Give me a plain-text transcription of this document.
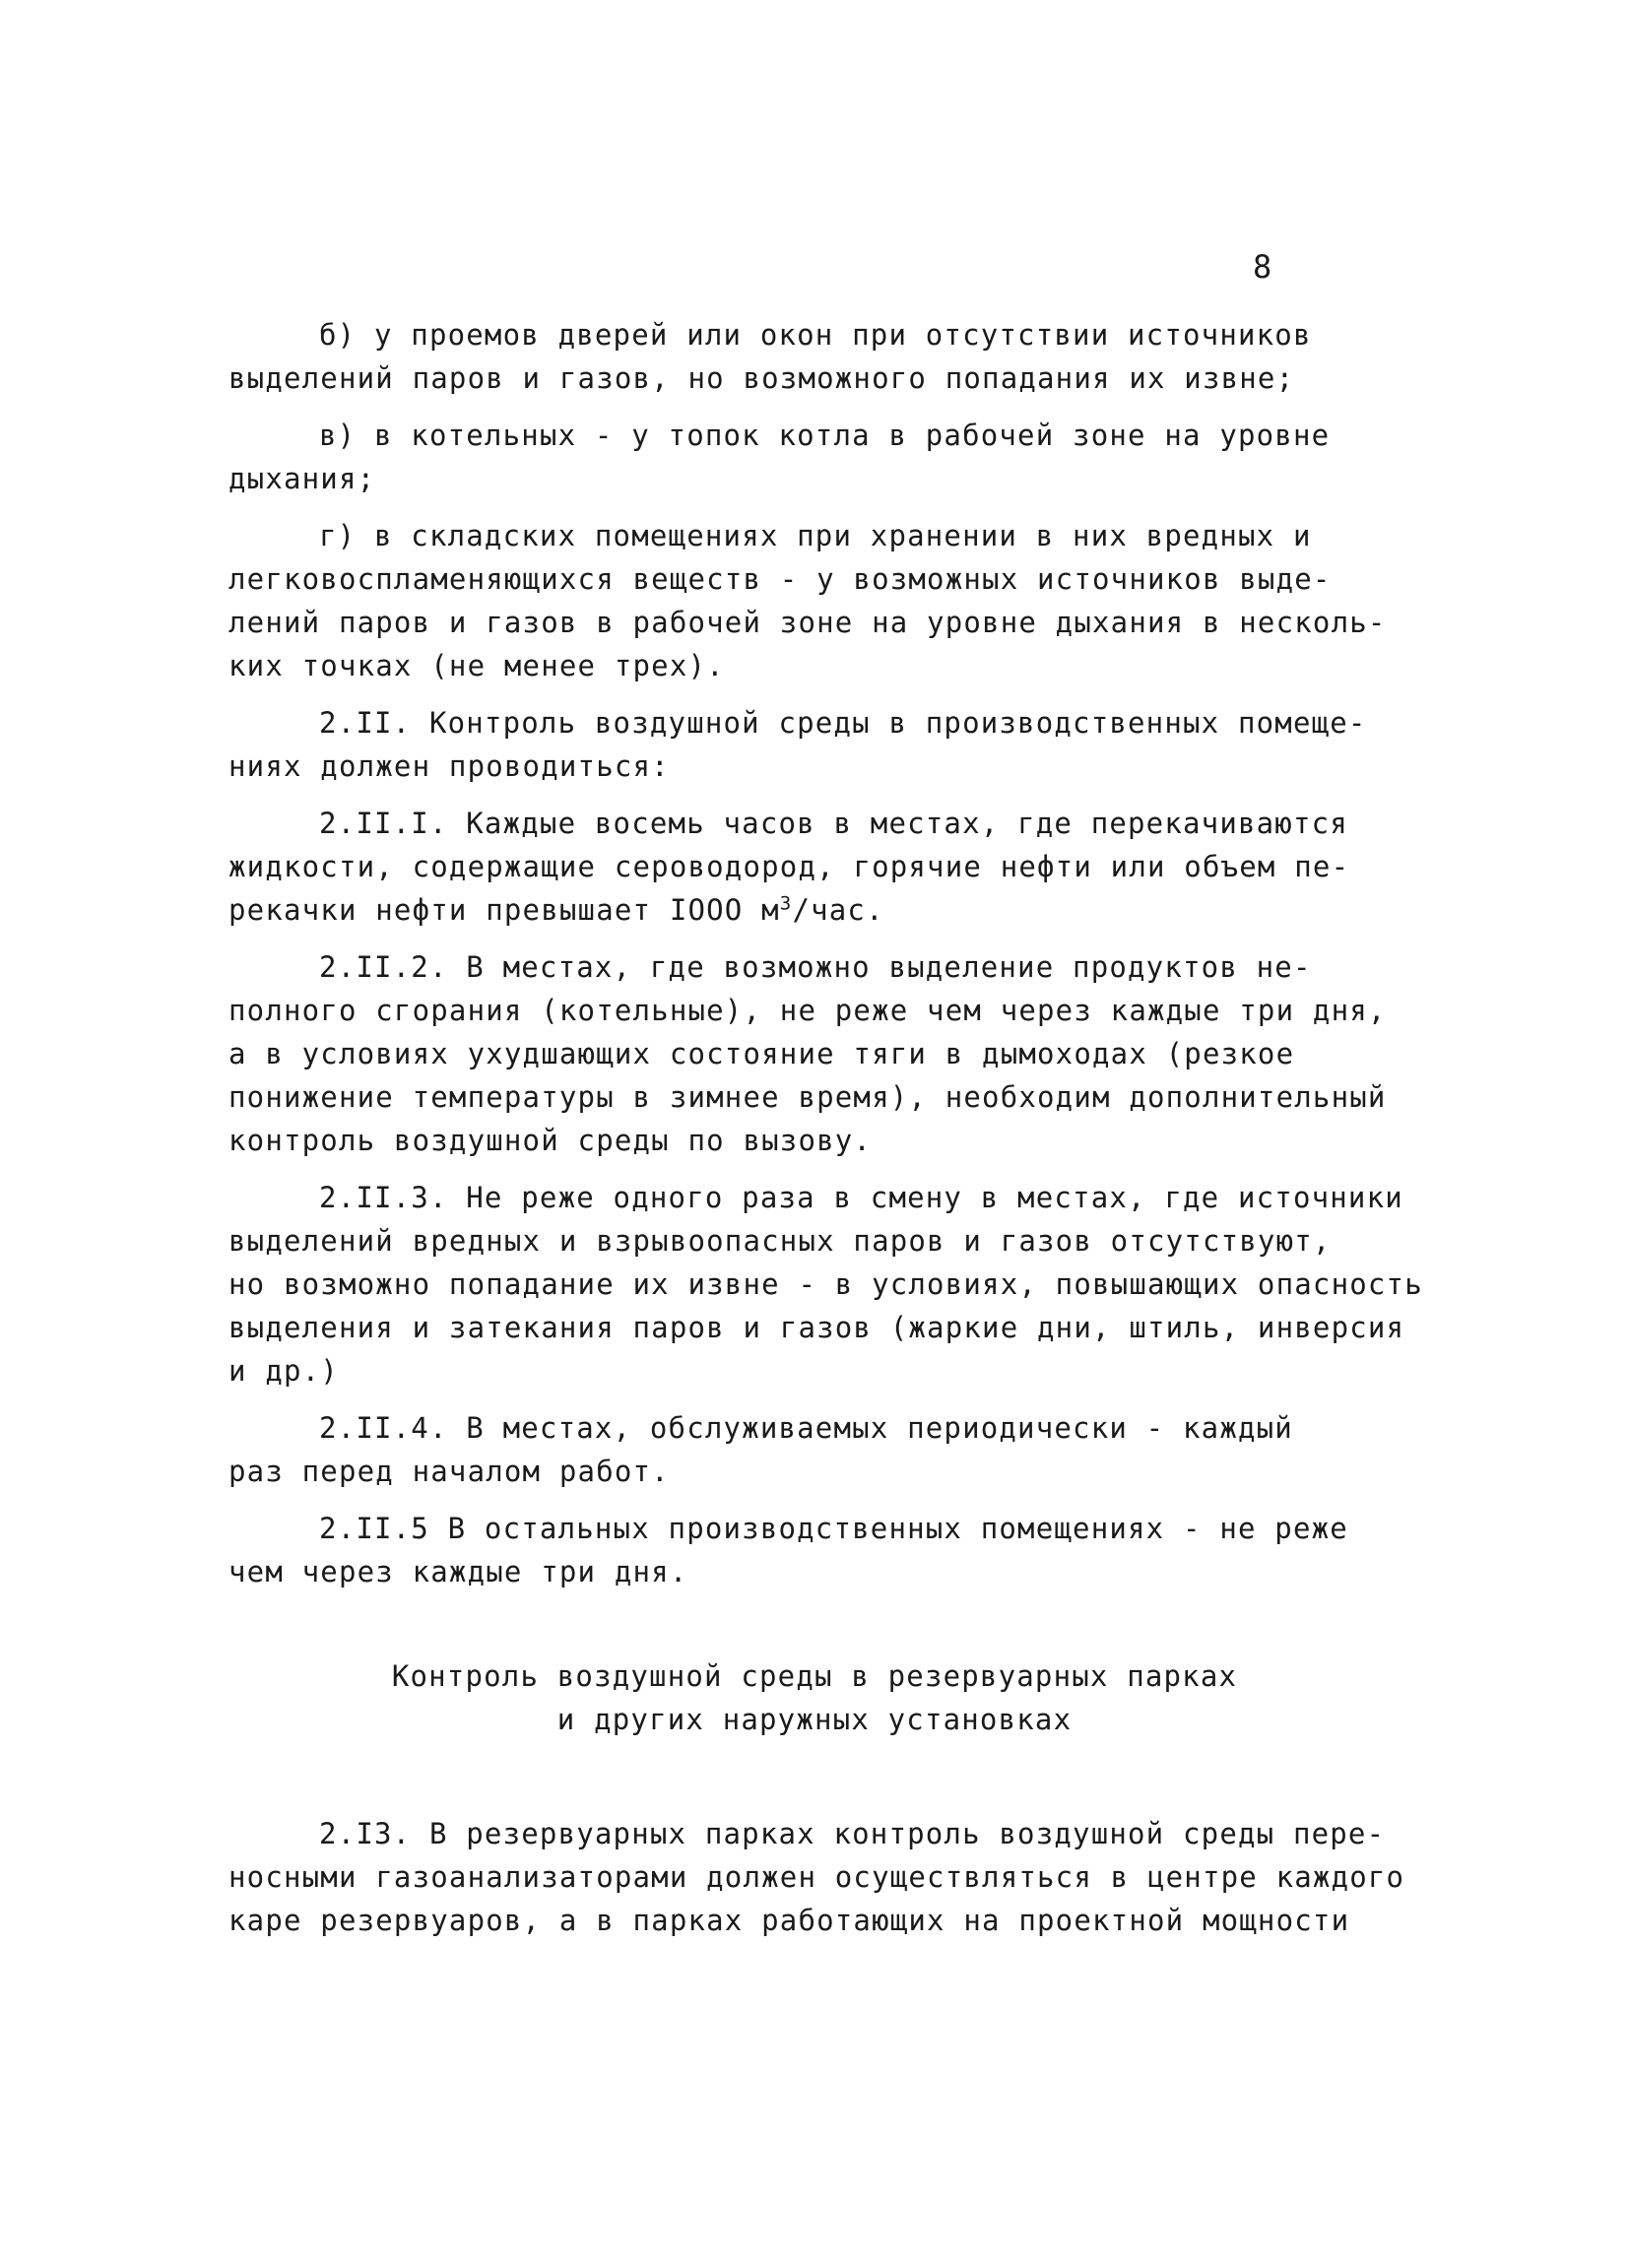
8
б) у проемов дверей или окон при отсутствии источников
выделений паров и газов, но возможного попадания их извне;
в) в котельных - у топок котла в рабочей зоне на уровне
дыхания;
г) в складских помещениях при хранении в них вредных и
легковоспламеняющихся веществ - у возможных источников выде-
лений паров и газов в рабочей зоне на уровне дыхания в несколь-
ких точках (не менее трех).
2.II. Контроль воздушной среды в производственных помеще-
ниях должен проводиться:
2.II.I. Каждые восемь часов в местах, где перекачиваются
жидкости, содержащие сероводород, горячие нефти или объем пе-
рекачки нефти превышает IOOO $м^3$/час.
2.II.2. В местах, где возможно выделение продуктов не-
полного сгорания (котельные), не реже чем через каждые три дня,
а в условиях ухудшающих состояние тяги в дымоходах (резкое
понижение температуры в зимнее время), необходим дополнительный
контроль воздушной среды по вызову.
2.II.3. Не реже одного раза в смену в местах, где источники
выделений вредных и взрывоопасных паров и газов отсутствуют,
но возможно попадание их извне - в условиях, повышающих опасность
выделения и затекания паров и газов (жаркие дни, штиль, инверсия
и др.)
2.II.4. В местах, обслуживаемых периодически - каждый
раз перед началом работ.
2.II.5 В остальных производственных помещениях - не реже
чем через каждые три дня.
Контроль воздушной среды в резервуарных парках
и других наружных установках
2.I3. В резервуарных парках контроль воздушной среды пере-
носными газоанализаторами должен осуществляться в центре каждого
каре резервуаров, а в парках работающих на проектной мощности
